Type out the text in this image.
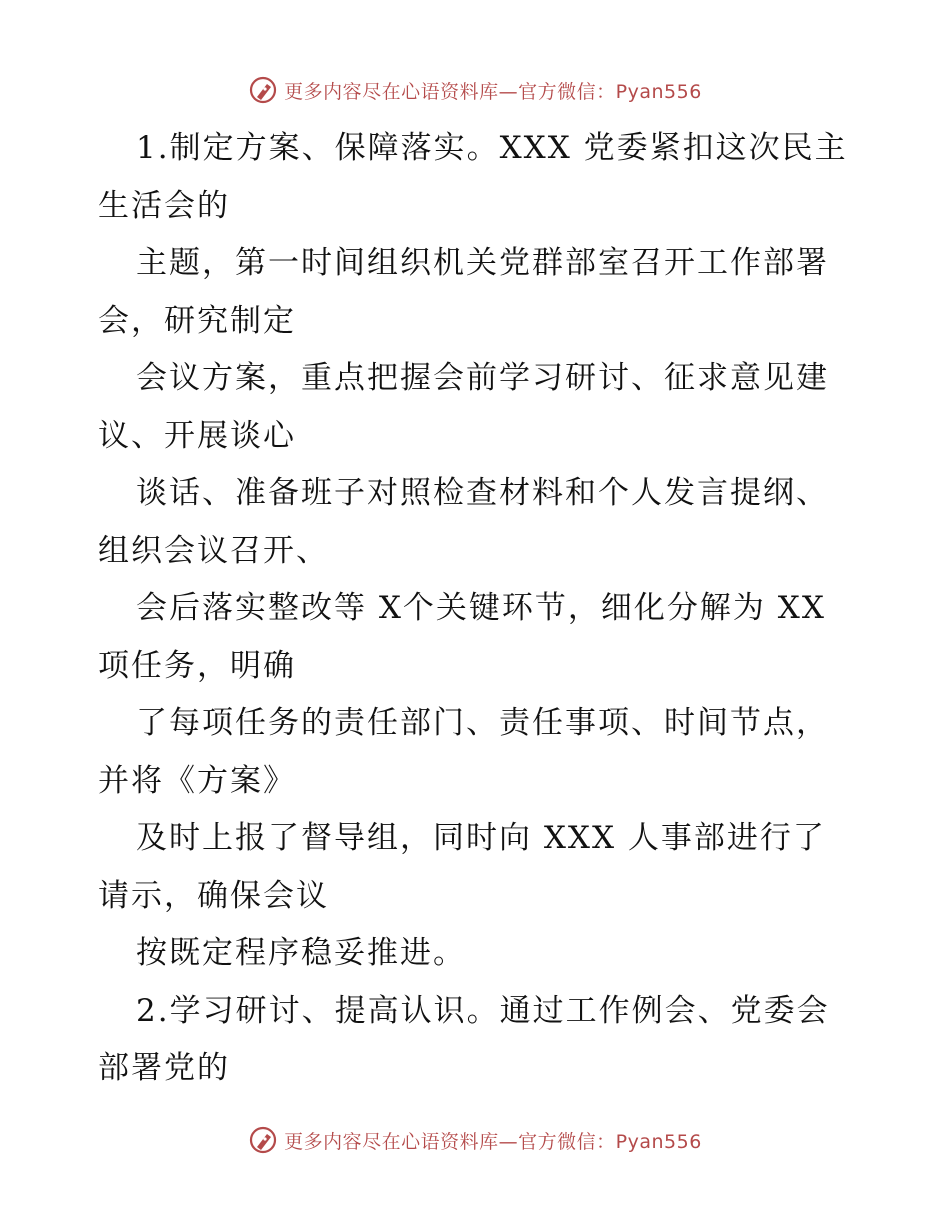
更多内容尽在心语资料库—官方微信：Pyan556
1.制定方案、保障落实。XXX 党委紧扣这次民主
生活会的
主题，第一时间组织机关党群部室召开工作部署
会，研究制定
会议方案，重点把握会前学习研讨、征求意见建
议、开展谈心
谈话、准备班子对照检查材料和个人发言提纲、
组织会议召开、
会后落实整改等 X个关键环节，细化分解为 XX
项任务，明确
了每项任务的责任部门、责任事项、时间节点，
并将《方案》
及时上报了督导组，同时向 XXX 人事部进行了
请示，确保会议
按既定程序稳妥推进。
2.学习研讨、提高认识。通过工作例会、党委会
部署党的
更多内容尽在心语资料库—官方微信：Pyan556
